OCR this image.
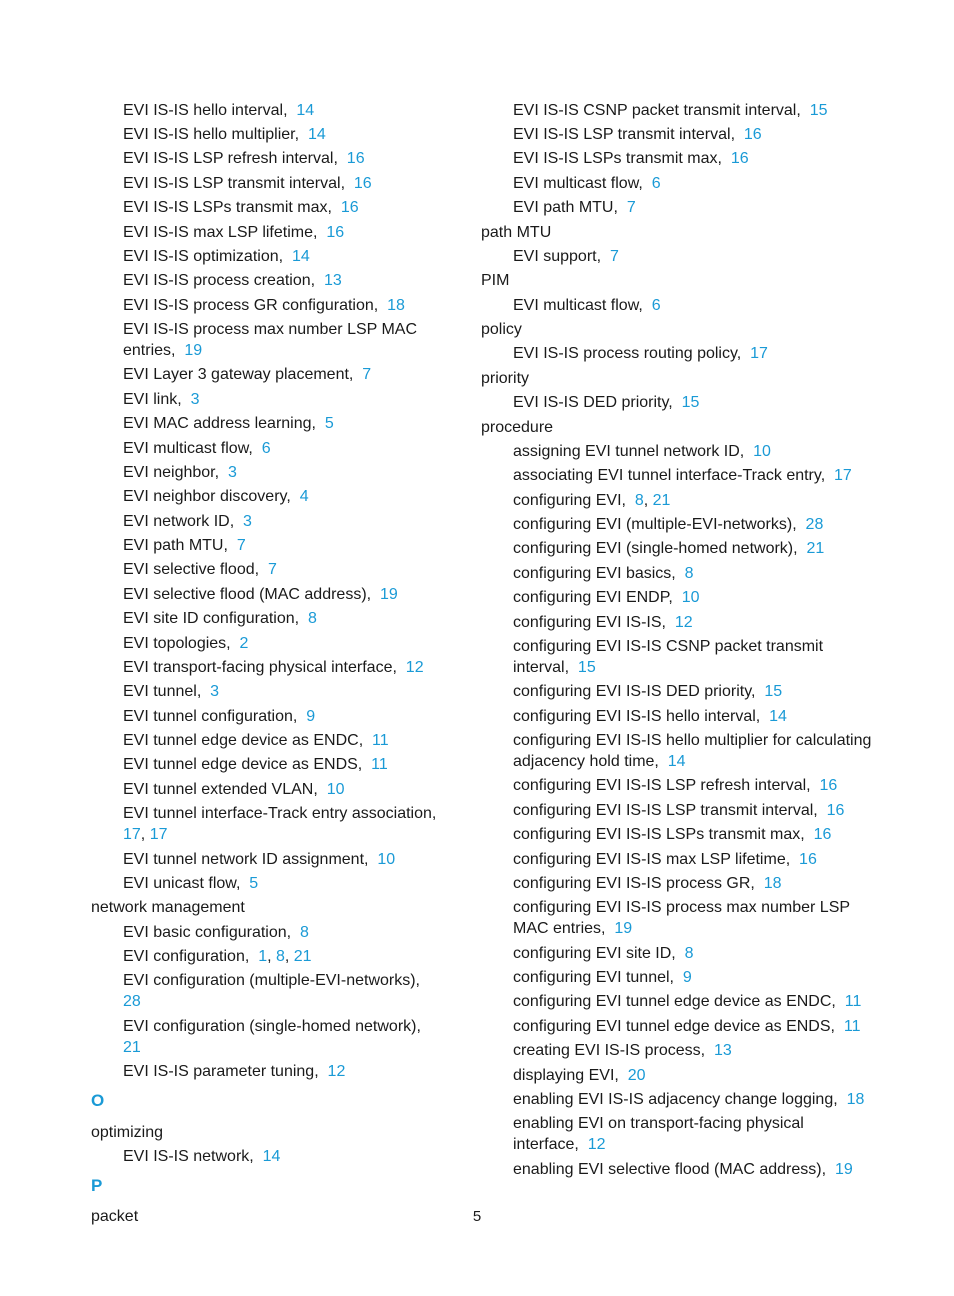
EVI IS-IS hello interval, 14
EVI IS-IS hello multiplier, 14
EVI IS-IS LSP refresh interval, 16
EVI IS-IS LSP transmit interval, 16
EVI IS-IS LSPs transmit max, 16
EVI IS-IS max LSP lifetime, 16
EVI IS-IS optimization, 14
EVI IS-IS process creation, 13
EVI IS-IS process GR configuration, 18
EVI IS-IS process max number LSP MAC entries, 19
EVI Layer 3 gateway placement, 7
EVI link, 3
EVI MAC address learning, 5
EVI multicast flow, 6
EVI neighbor, 3
EVI neighbor discovery, 4
EVI network ID, 3
EVI path MTU, 7
EVI selective flood, 7
EVI selective flood (MAC address), 19
EVI site ID configuration, 8
EVI topologies, 2
EVI transport-facing physical interface, 12
EVI tunnel, 3
EVI tunnel configuration, 9
EVI tunnel edge device as ENDC, 11
EVI tunnel edge device as ENDS, 11
EVI tunnel extended VLAN, 10
EVI tunnel interface-Track entry association,  17, 17
EVI tunnel network ID assignment, 10
EVI unicast flow, 5
network management
EVI basic configuration, 8
EVI configuration, 1, 8, 21
EVI configuration (multiple-EVI-networks),  28
EVI configuration (single-homed network),  21
EVI IS-IS parameter tuning, 12
O
optimizing
EVI IS-IS network, 14
P
packet
EVI IS-IS CSNP packet transmit interval, 15
EVI IS-IS LSP transmit interval, 16
EVI IS-IS LSPs transmit max, 16
EVI multicast flow, 6
EVI path MTU, 7
path MTU
EVI support, 7
PIM
EVI multicast flow, 6
policy
EVI IS-IS process routing policy, 17
priority
EVI IS-IS DED priority, 15
procedure
assigning EVI tunnel network ID, 10
associating EVI tunnel interface-Track entry, 17
configuring EVI, 8, 21
configuring EVI (multiple-EVI-networks), 28
configuring EVI (single-homed network), 21
configuring EVI basics, 8
configuring EVI ENDP, 10
configuring EVI IS-IS, 12
configuring EVI IS-IS CSNP packet transmit interval, 15
configuring EVI IS-IS DED priority, 15
configuring EVI IS-IS hello interval, 14
configuring EVI IS-IS hello multiplier for calculating adjacency hold time, 14
configuring EVI IS-IS LSP refresh interval, 16
configuring EVI IS-IS LSP transmit interval, 16
configuring EVI IS-IS LSPs transmit max, 16
configuring EVI IS-IS max LSP lifetime, 16
configuring EVI IS-IS process GR, 18
configuring EVI IS-IS process max number LSP MAC entries, 19
configuring EVI site ID, 8
configuring EVI tunnel, 9
configuring EVI tunnel edge device as ENDC, 11
configuring EVI tunnel edge device as ENDS, 11
creating EVI IS-IS process, 13
displaying EVI, 20
enabling EVI IS-IS adjacency change logging, 18
enabling EVI on transport-facing physical interface, 12
enabling EVI selective flood (MAC address), 19
5
